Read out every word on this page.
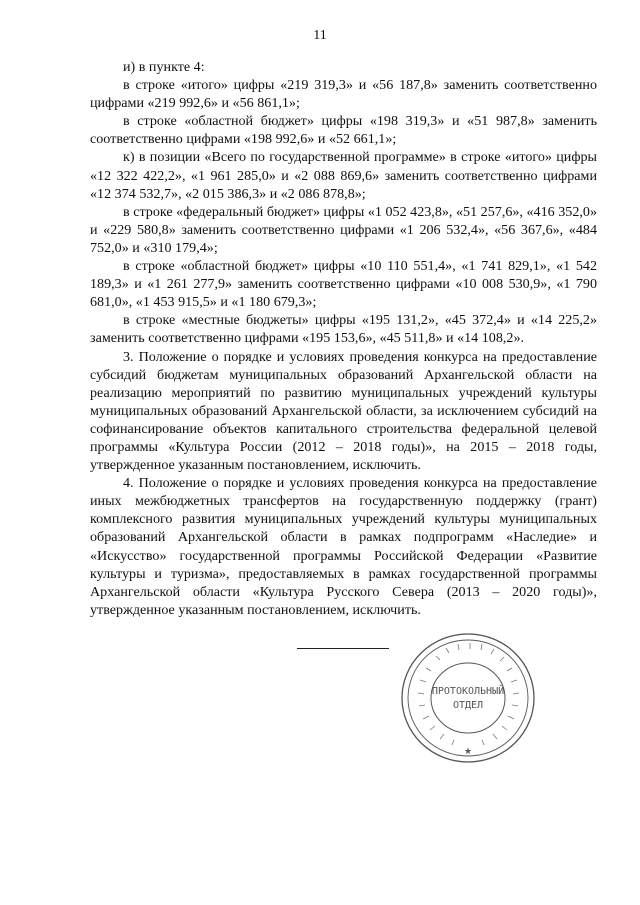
11

и) в пункте 4:

в строке «итого» цифры «219 319,3» и «56 187,8» заменить соответственно цифрами «219 992,6» и «56 861,1»;

в строке «областной бюджет» цифры «198 319,3» и «51 987,8» заменить соответственно цифрами «198 992,6» и «52 661,1»;

к) в позиции «Всего по государственной программе» в строке «итого» цифры «12 322 422,2», «1 961 285,0» и «2 088 869,6» заменить соответственно цифрами «12 374 532,7», «2 015 386,3» и «2 086 878,8»;

в строке «федеральный бюджет» цифры «1 052 423,8», «51 257,6», «416 352,0» и «229 580,8» заменить соответственно цифрами «1 206 532,4», «56 367,6», «484 752,0» и «310 179,4»;

в строке «областной бюджет» цифры «10 110 551,4», «1 741 829,1», «1 542 189,3» и «1 261 277,9» заменить соответственно цифрами «10 008 530,9», «1 790 681,0», «1 453 915,5» и «1 180 679,3»;

в строке «местные бюджеты» цифры «195 131,2», «45 372,4» и «14 225,2» заменить соответственно цифрами «195 153,6», «45 511,8» и «14 108,2».

3. Положение о порядке и условиях проведения конкурса на предоставление субсидий бюджетам муниципальных образований Архангельской области на реализацию мероприятий по развитию муниципальных учреждений культуры муниципальных образований Архангельской области, за исключением субсидий на софинансирование объектов капитального строительства федеральной целевой программы «Культура России (2012 – 2018 годы)», на 2015 – 2018 годы, утвержденное указанным постановлением, исключить.

4. Положение о порядке и условиях проведения конкурса на предоставление иных межбюджетных трансфертов на государственную поддержку (грант) комплексного развития муниципальных учреждений культуры муниципальных образований Архангельской области в рамках подпрограмм «Наследие» и «Искусство» государственной программы Российской Федерации «Развитие культуры и туризма», предоставляемых в рамках государственной программы Архангельской области «Культура Русского Севера (2013 – 2020 годы)», утвержденное указанным постановлением, исключить.

ПРОТОКОЛЬНЫЙ
ОТДЕЛ
★
